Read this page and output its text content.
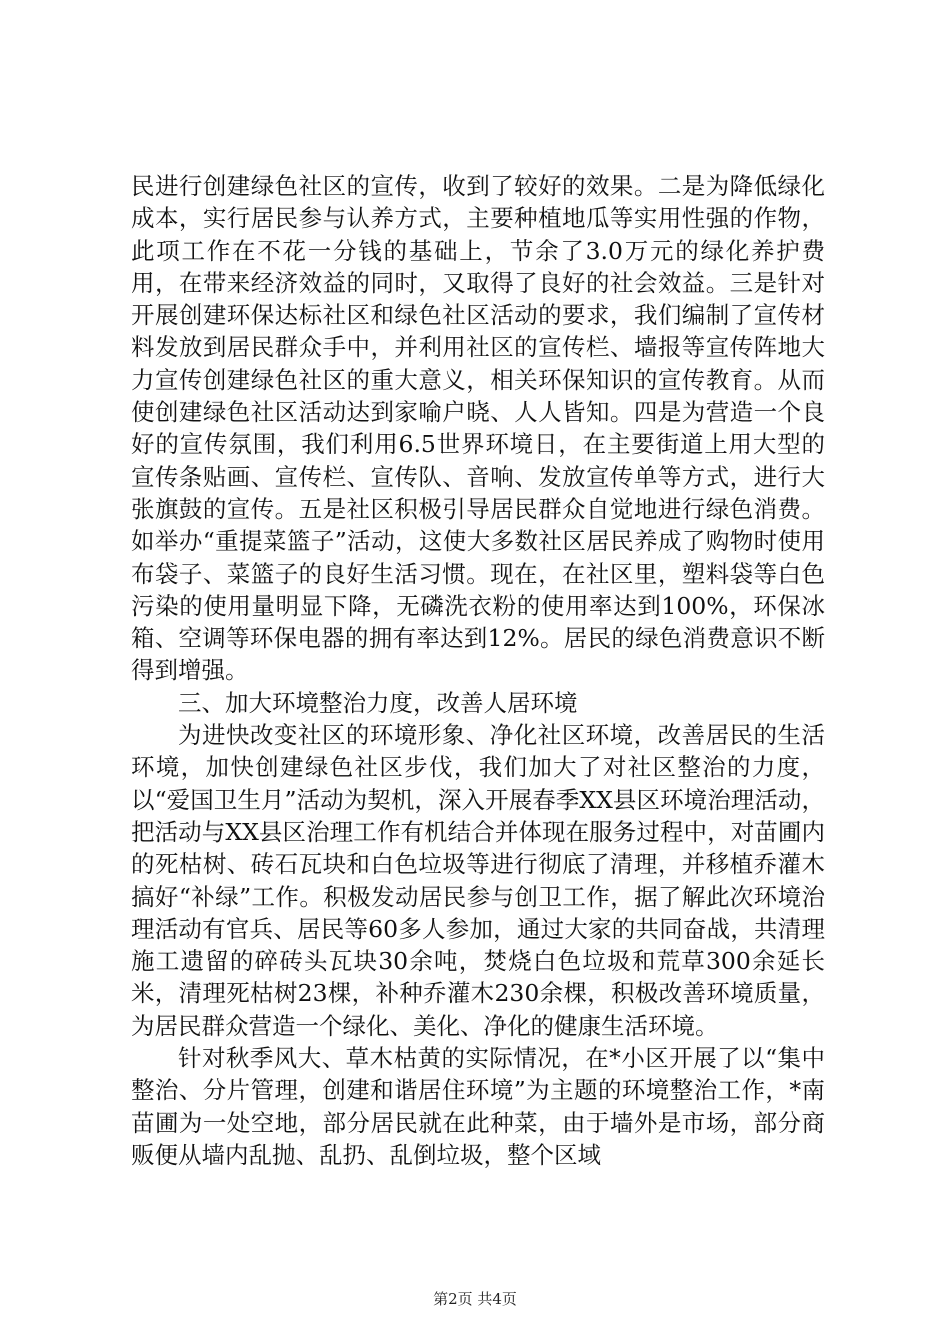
民进行创建绿色社区的宣传，收到了较好的效果。二是为降低绿化成本，实行居民参与认养方式，主要种植地瓜等实用性强的作物，此项工作在不花一分钱的基础上，节余了3.0万元的绿化养护费用，在带来经济效益的同时，又取得了良好的社会效益。三是针对开展创建环保达标社区和绿色社区活动的要求，我们编制了宣传材料发放到居民群众手中，并利用社区的宣传栏、墙报等宣传阵地大力宣传创建绿色社区的重大意义，相关环保知识的宣传教育。从而使创建绿色社区活动达到家喻户晓、人人皆知。四是为营造一个良好的宣传氛围，我们利用6.5世界环境日，在主要街道上用大型的宣传条贴画、宣传栏、宣传队、音响、发放宣传单等方式，进行大张旗鼓的宣传。五是社区积极引导居民群众自觉地进行绿色消费。如举办“重提菜篮子”活动，这使大多数社区居民养成了购物时使用布袋子、菜篮子的良好生活习惯。现在，在社区里，塑料袋等白色污染的使用量明显下降，无磷洗衣粉的使用率达到100%，环保冰箱、空调等环保电器的拥有率达到12%。居民的绿色消费意识不断得到增强。

三、加大环境整治力度，改善人居环境

为进快改变社区的环境形象、净化社区环境，改善居民的生活环境，加快创建绿色社区步伐，我们加大了对社区整治的力度，以“爱国卫生月”活动为契机，深入开展春季XX县区环境治理活动，把活动与XX县区治理工作有机结合并体现在服务过程中，对苗圃内的死枯树、砖石瓦块和白色垃圾等进行彻底了清理，并移植乔灌木搞好“补绿”工作。积极发动居民参与创卫工作，据了解此次环境治理活动有官兵、居民等60多人参加，通过大家的共同奋战，共清理施工遗留的碎砖头瓦块30余吨，焚烧白色垃圾和荒草300余延长米，清理死枯树23棵，补种乔灌木230余棵，积极改善环境质量，为居民群众营造一个绿化、美化、净化的健康生活环境。

针对秋季风大、草木枯黄的实际情况，在*小区开展了以“集中整治、分片管理，创建和谐居住环境”为主题的环境整治工作，*南苗圃为一处空地，部分居民就在此种菜，由于墙外是市场，部分商贩便从墙内乱抛、乱扔、乱倒垃圾，整个区域

第2页 共4页
